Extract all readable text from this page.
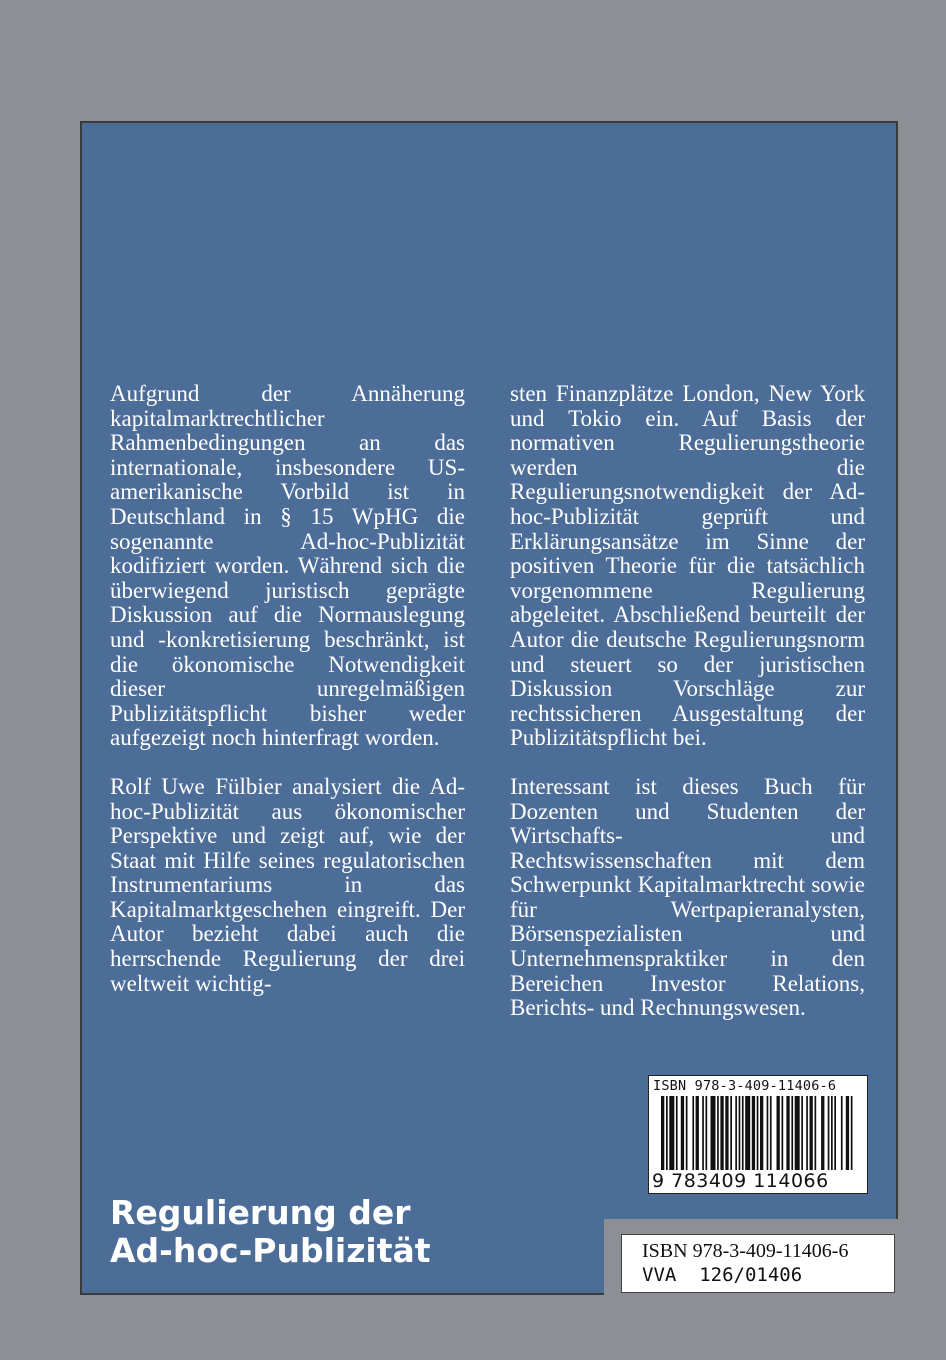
Aufgrund der Annäherung kapitalmarktrechtlicher Rahmenbedingungen an das internationale, insbesondere US-amerikanische Vorbild ist in Deutschland in § 15 WpHG die sogenannte Ad-hoc-Publizität kodifiziert worden. Während sich die überwiegend juristisch geprägte Diskussion auf die Normauslegung und -konkretisierung beschränkt, ist die ökonomische Notwendigkeit dieser unregelmäßigen Publizitätspflicht bisher weder aufgezeigt noch hinterfragt worden.

Rolf Uwe Fülbier analysiert die Ad-hoc-Publizität aus ökonomischer Perspektive und zeigt auf, wie der Staat mit Hilfe seines regulatorischen Instrumentariums in das Kapitalmarktgeschehen eingreift. Der Autor bezieht dabei auch die herrschende Regulierung der drei weltweit wichtig-

sten Finanzplätze London, New York und Tokio ein. Auf Basis der normativen Regulierungstheorie werden die Regulierungsnotwendigkeit der Ad-hoc-Publizität geprüft und Erklärungsansätze im Sinne der positiven Theorie für die tatsächlich vorgenommene Regulierung abgeleitet. Abschließend beurteilt der Autor die deutsche Regulierungsnorm und steuert so der juristischen Diskussion Vorschläge zur rechtssicheren Ausgestaltung der Publizitätspflicht bei.

Interessant ist dieses Buch für Dozenten und Studenten der Wirtschafts- und Rechtswissenschaften mit dem Schwerpunkt Kapitalmarktrecht sowie für Wertpapieranalysten, Börsenspezialisten und Unternehmenspraktiker in den Bereichen Investor Relations, Berichts- und Rechnungswesen.

Regulierung der
Ad-hoc-Publizität
ISBN 978-3-409-11406-6
9 783409 114066
ISBN 978-3-409-11406-6
VVA  126/01406
